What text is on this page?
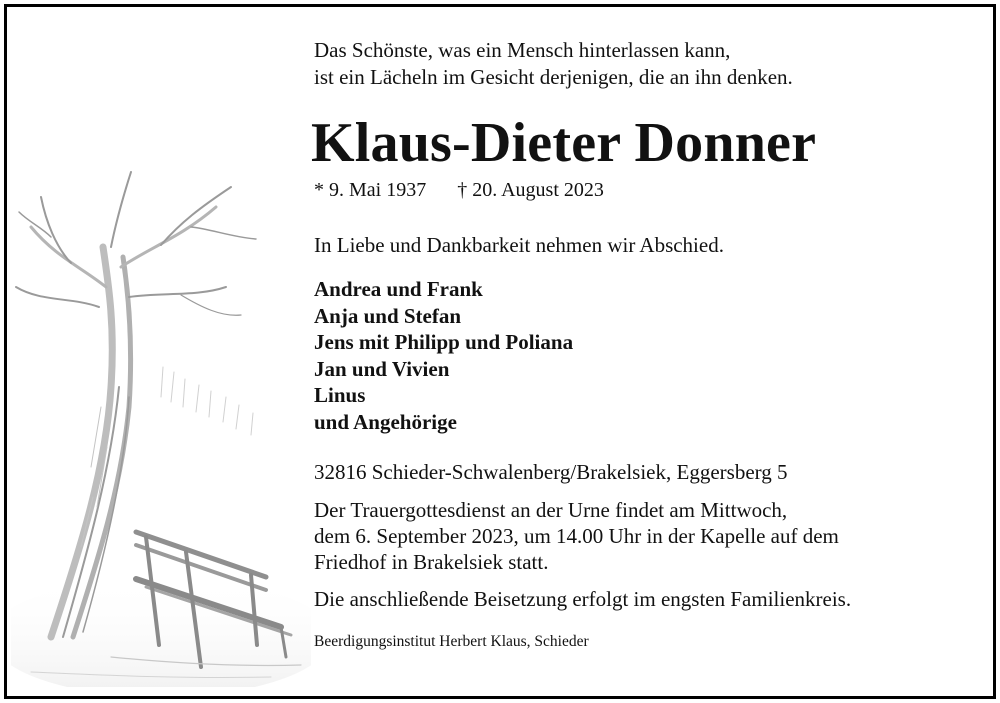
Das Schönste, was ein Mensch hinterlassen kann,
ist ein Lächeln im Gesicht derjenigen, die an ihn denken.
Klaus-Dieter Donner
* 9. Mai 1937 † 20. August 2023
In Liebe und Dankbarkeit nehmen wir Abschied.
Andrea und Frank
Anja und Stefan
Jens mit Philipp und Poliana
Jan und Vivien
Linus
und Angehörige
32816 Schieder-Schwalenberg/Brakelsiek, Eggersberg 5
Der Trauergottesdienst an der Urne findet am Mittwoch,
dem 6. September 2023, um 14.00 Uhr in der Kapelle auf dem
Friedhof in Brakelsiek statt.
Die anschließende Beisetzung erfolgt im engsten Familienkreis.
Beerdigungsinstitut Herbert Klaus, Schieder
